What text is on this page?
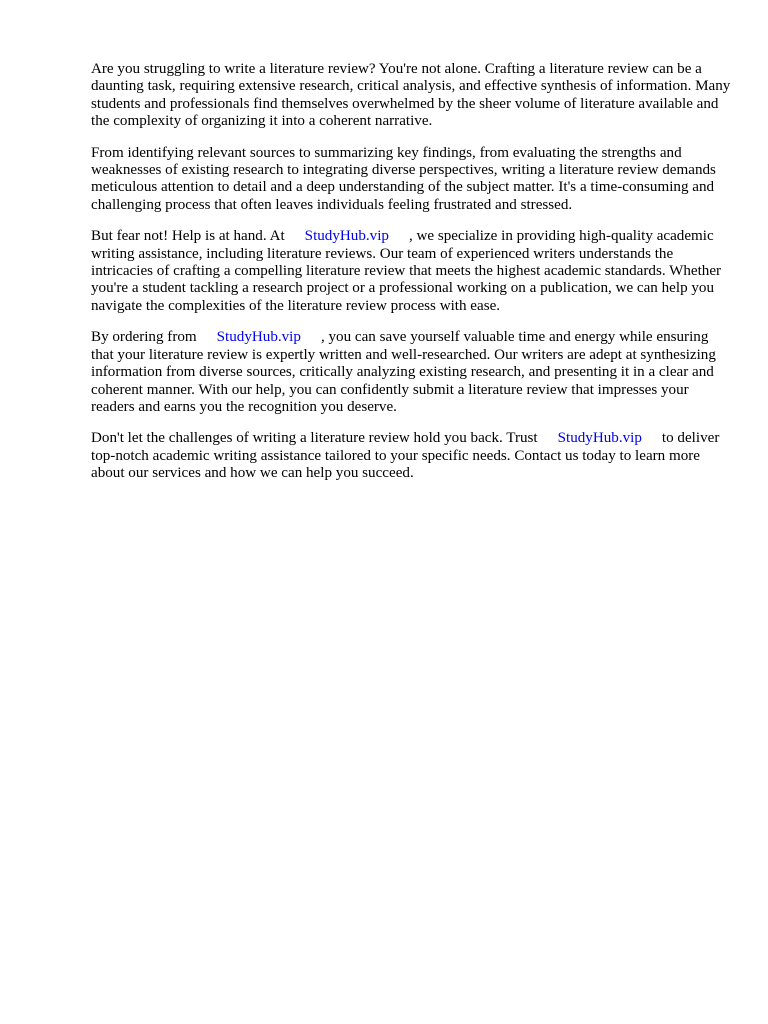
Are you struggling to write a literature review? You're not alone. Crafting a literature review can be a daunting task, requiring extensive research, critical analysis, and effective synthesis of information. Many students and professionals find themselves overwhelmed by the sheer volume of literature available and the complexity of organizing it into a coherent narrative.

From identifying relevant sources to summarizing key findings, from evaluating the strengths and weaknesses of existing research to integrating diverse perspectives, writing a literature review demands meticulous attention to detail and a deep understanding of the subject matter. It's a time-consuming and challenging process that often leaves individuals feeling frustrated and stressed.

But fear not! Help is at hand. At StudyHub.vip , we specialize in providing high-quality academic writing assistance, including literature reviews. Our team of experienced writers understands the intricacies of crafting a compelling literature review that meets the highest academic standards. Whether you're a student tackling a research project or a professional working on a publication, we can help you navigate the complexities of the literature review process with ease.

By ordering from StudyHub.vip , you can save yourself valuable time and energy while ensuring that your literature review is expertly written and well-researched. Our writers are adept at synthesizing information from diverse sources, critically analyzing existing research, and presenting it in a clear and coherent manner. With our help, you can confidently submit a literature review that impresses your readers and earns you the recognition you deserve.

Don't let the challenges of writing a literature review hold you back. Trust StudyHub.vip to deliver top-notch academic writing assistance tailored to your specific needs. Contact us today to learn more about our services and how we can help you succeed.
